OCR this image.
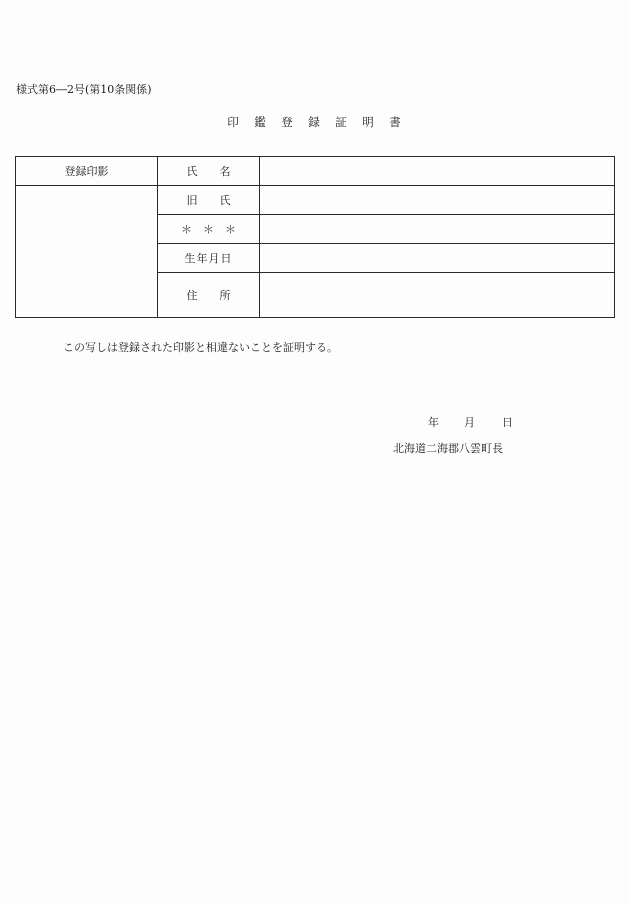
様式第6―2号(第10条関係)
印　鑑　登　録　証　明　書
登録印影	氏　　名	
	旧　　氏	
	＊　＊　＊	
	生年月日	
	住　　所	
この写しは登録された印影と相違ないことを証明する。
年 月 日
北海道二海郡八雲町長
